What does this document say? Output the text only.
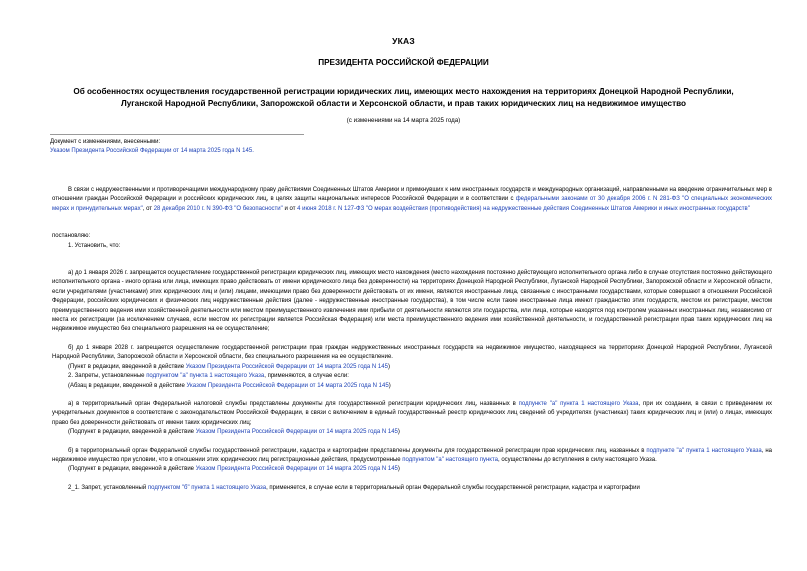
УКАЗ
ПРЕЗИДЕНТА РОССИЙСКОЙ ФЕДЕРАЦИИ
Об особенностях осуществления государственной регистрации юридических лиц, имеющих место нахождения на территориях Донецкой Народной Республики,
Луганской Народной Республики, Запорожской области и Херсонской области, и прав таких юридических лиц на недвижимое имущество
(с изменениями на 14 марта 2025 года)
Документ с изменениями, внесенными:
Указом Президента Российской Федерации от 14 марта 2025 года N 145.

В связи с недружественными и противоречащими международному праву действиями Соединенных Штатов Америки и примкнувших к ним иностранных государств и международных организаций, направленными на введение ограничительных мер в отношении граждан Российской Федерации и российских юридических лиц, в целях защиты национальных интересов Российской Федерации и в соответствии с федеральными законами от 30 декабря 2006 г. N 281-ФЗ "О специальных экономических мерах и принудительных мерах", от 28 декабря 2010 г. N 390-ФЗ "О безопасности" и от 4 июня 2018 г. N 127-ФЗ "О мерах воздействия (противодействия) на недружественные действия Соединенных Штатов Америки и иных иностранных государств"

постановляю:

1. Установить, что:

а) до 1 января 2026 г. запрещается осуществление государственной регистрации юридических лиц, имеющих место нахождения (место нахождения постоянно действующего исполнительного органа либо в случае отсутствия постоянно действующего исполнительного органа - иного органа или лица, имеющих право действовать от имени юридического лица без доверенности) на территориях Донецкой Народной Республики, Луганской Народной Республики, Запорожской области и Херсонской области, если учредителями (участниками) этих юридических лиц и (или) лицами, имеющими право без доверенности действовать от их имени, являются иностранные лица, связанные с иностранными государствами, которые совершают в отношении Российской Федерации, российских юридических и физических лиц недружественные действия (далее - недружественные иностранные государства), в том числе если такие иностранные лица имеют гражданство этих государств, местом их регистрации, местом преимущественного ведения ими хозяйственной деятельности или местом преимущественного извлечения ими прибыли от деятельности являются эти государства, или лица, которые находятся под контролем указанных иностранных лиц, независимо от места их регистрации (за исключением случаев, если местом их регистрации является Российская Федерация) или места преимущественного ведения ими хозяйственной деятельности, и государственной регистрации прав таких юридических лиц на недвижимое имущество без специального разрешения на ее осуществление;

б) до 1 января 2028 г. запрещается осуществление государственной регистрации прав граждан недружественных иностранных государств на недвижимое имущество, находящееся на территориях Донецкой Народной Республики, Луганской Народной Республики, Запорожской области и Херсонской области, без специального разрешения на ее осуществление.

(Пункт в редакции, введенной в действие Указом Президента Российской Федерации от 14 марта 2025 года N 145)

2. Запреты, установленные подпунктом "а" пункта 1 настоящего Указа, применяются, в случае если:

(Абзац в редакции, введенной в действие Указом Президента Российской Федерации от 14 марта 2025 года N 145)

а) в территориальный орган Федеральной налоговой службы представлены документы для государственной регистрации юридических лиц, названных в подпункте "а" пункта 1 настоящего Указа, при их создании, в связи с приведением их учредительных документов в соответствие с законодательством Российской Федерации, в связи с включением в единый государственный реестр юридических лиц сведений об учредителях (участниках) таких юридических лиц и (или) о лицах, имеющих право без доверенности действовать от имени таких юридических лиц;

(Подпункт в редакции, введенной в действие Указом Президента Российской Федерации от 14 марта 2025 года N 145)

б) в территориальный орган Федеральной службы государственной регистрации, кадастра и картографии представлены документы для государственной регистрации прав юридических лиц, названных в подпункте "а" пункта 1 настоящего Указа, на недвижимое имущество при условии, что в отношении этих юридических лиц регистрационные действия, предусмотренные подпунктом "а" настоящего пункта, осуществлены до вступления в силу настоящего Указа.

(Подпункт в редакции, введенной в действие Указом Президента Российской Федерации от 14 марта 2025 года N 145)

2_1. Запрет, установленный подпунктом "б" пункта 1 настоящего Указа, применяется, в случае если в территориальный орган Федеральной службы государственной регистрации, кадастра и картографии
